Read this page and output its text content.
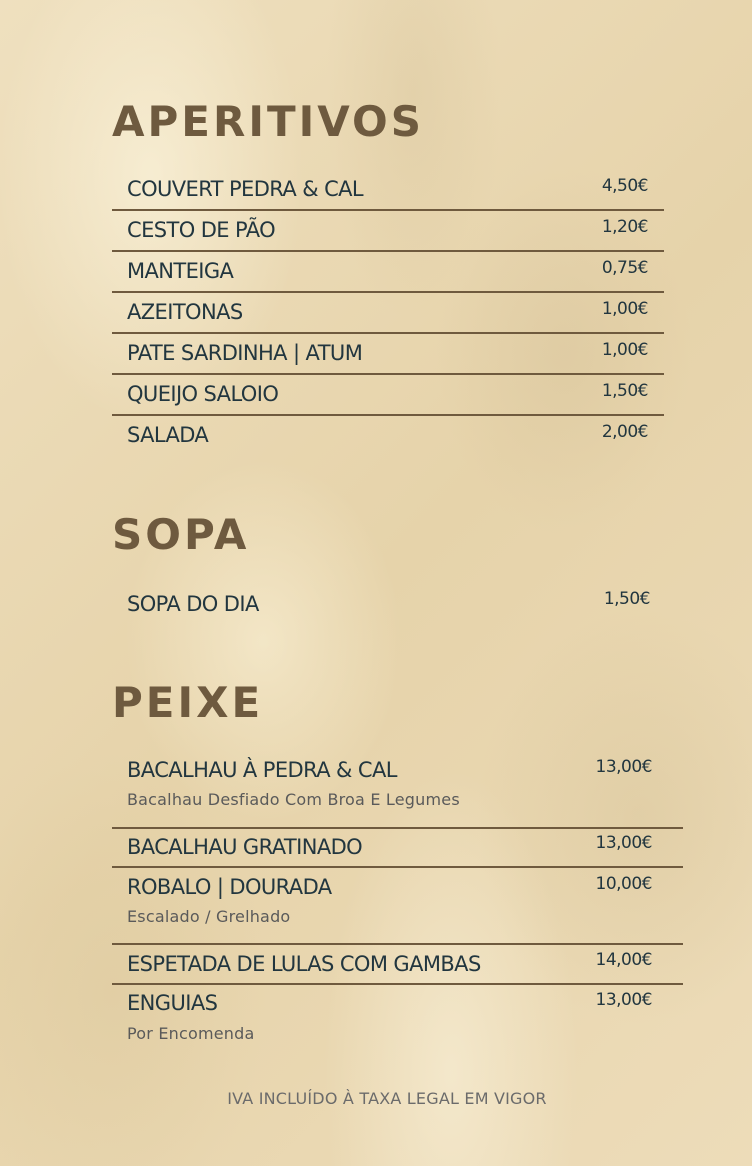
APERITIVOS
COUVERT PEDRA & CAL	4,50€
CESTO DE PÃO	1,20€
MANTEIGA	0,75€
AZEITONAS	1,00€
PATE SARDINHA | ATUM	1,00€
QUEIJO SALOIO	1,50€
SALADA	2,00€
SOPA
SOPA DO DIA	1,50€
PEIXE
BACALHAU À PEDRA & CAL	13,00€
Bacalhau Desfiado Com Broa E Legumes
BACALHAU GRATINADO	13,00€
ROBALO | DOURADA	10,00€
Escalado / Grelhado
ESPETADA DE LULAS COM GAMBAS	14,00€
ENGUIAS	13,00€
Por Encomenda

IVA INCLUÍDO À TAXA LEGAL EM VIGOR
